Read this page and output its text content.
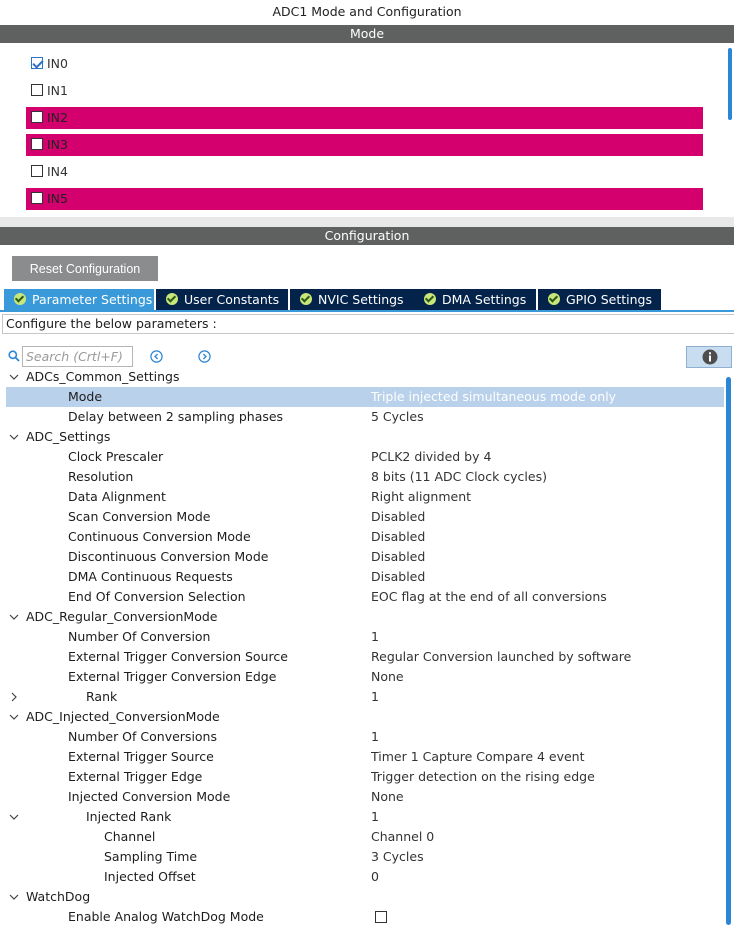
ADC1 Mode and Configuration
Mode
IN0
IN1
IN2
IN3
IN4
IN5
Configuration
Reset Configuration
Parameter Settings	User Constants	NVIC Settings	DMA Settings	GPIO Settings
Configure the below parameters :
Search (Crtl+F)
ADCs_Common_Settings
Mode	Triple injected simultaneous mode only
Delay between 2 sampling phases	5 Cycles
ADC_Settings
Clock Prescaler	PCLK2 divided by 4
Resolution	8 bits (11 ADC Clock cycles)
Data Alignment	Right alignment
Scan Conversion Mode	Disabled
Continuous Conversion Mode	Disabled
Discontinuous Conversion Mode	Disabled
DMA Continuous Requests	Disabled
End Of Conversion Selection	EOC flag at the end of all conversions
ADC_Regular_ConversionMode
Number Of Conversion	1
External Trigger Conversion Source	Regular Conversion launched by software
External Trigger Conversion Edge	None
Rank	1
ADC_Injected_ConversionMode
Number Of Conversions	1
External Trigger Source	Timer 1 Capture Compare 4 event
External Trigger Edge	Trigger detection on the rising edge
Injected Conversion Mode	None
Injected Rank	1
Channel	Channel 0
Sampling Time	3 Cycles
Injected Offset	0
WatchDog
Enable Analog WatchDog Mode
